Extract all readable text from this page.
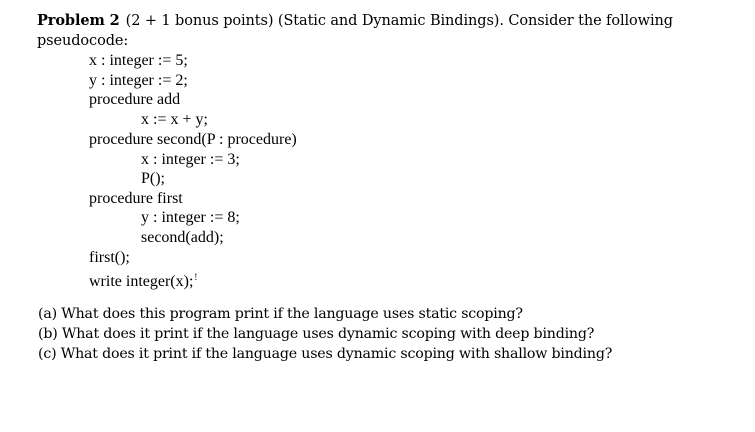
Problem 2 (2 + 1 bonus points) (Static and Dynamic Bindings). Consider the following
pseudocode:
x : integer := 5;
y : integer := 2;
procedure add
x := x + y;
procedure second(P : procedure)
x : integer := 3;
P();
procedure first
y : integer := 8;
second(add);
first();
write integer(x);!
(a) What does this program print if the language uses static scoping?
(b) What does it print if the language uses dynamic scoping with deep binding?
(c) What does it print if the language uses dynamic scoping with shallow binding?
